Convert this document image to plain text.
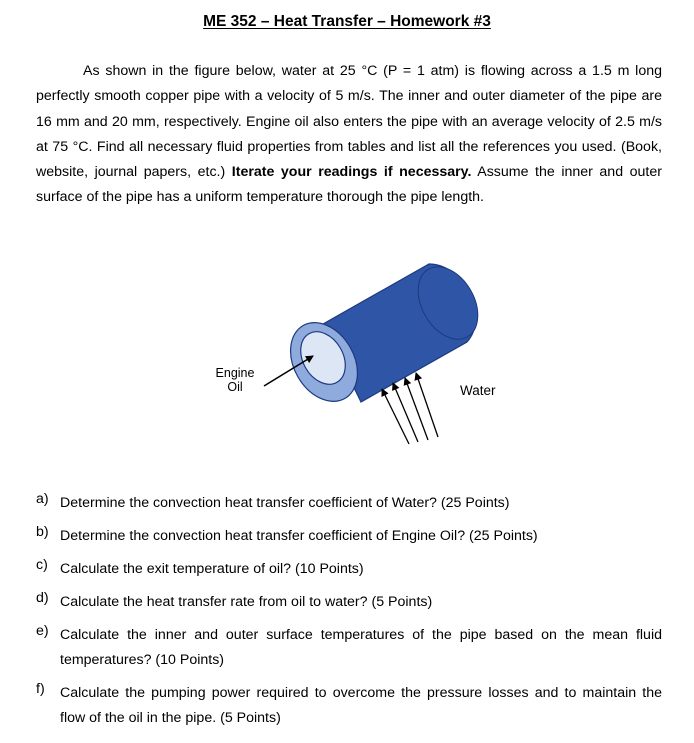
ME 352 – Heat Transfer – Homework #3
As shown in the figure below, water at 25 °C (P = 1 atm) is flowing across a 1.5 m long perfectly smooth copper pipe with a velocity of 5 m/s. The inner and outer diameter of the pipe are 16 mm and 20 mm, respectively. Engine oil also enters the pipe with an average velocity of 2.5 m/s at 75 °C. Find all necessary fluid properties from tables and list all the references you used. (Book, website, journal papers, etc.) Iterate your readings if necessary. Assume the inner and outer surface of the pipe has a uniform temperature thorough the pipe length.
Engine
Oil	Water
a) Determine the convection heat transfer coefficient of Water? (25 Points)
b) Determine the convection heat transfer coefficient of Engine Oil? (25 Points)
c) Calculate the exit temperature of oil? (10 Points)
d) Calculate the heat transfer rate from oil to water? (5 Points)
e) Calculate the inner and outer surface temperatures of the pipe based on the mean fluid temperatures? (10 Points)
f) Calculate the pumping power required to overcome the pressure losses and to maintain the flow of the oil in the pipe. (5 Points)
